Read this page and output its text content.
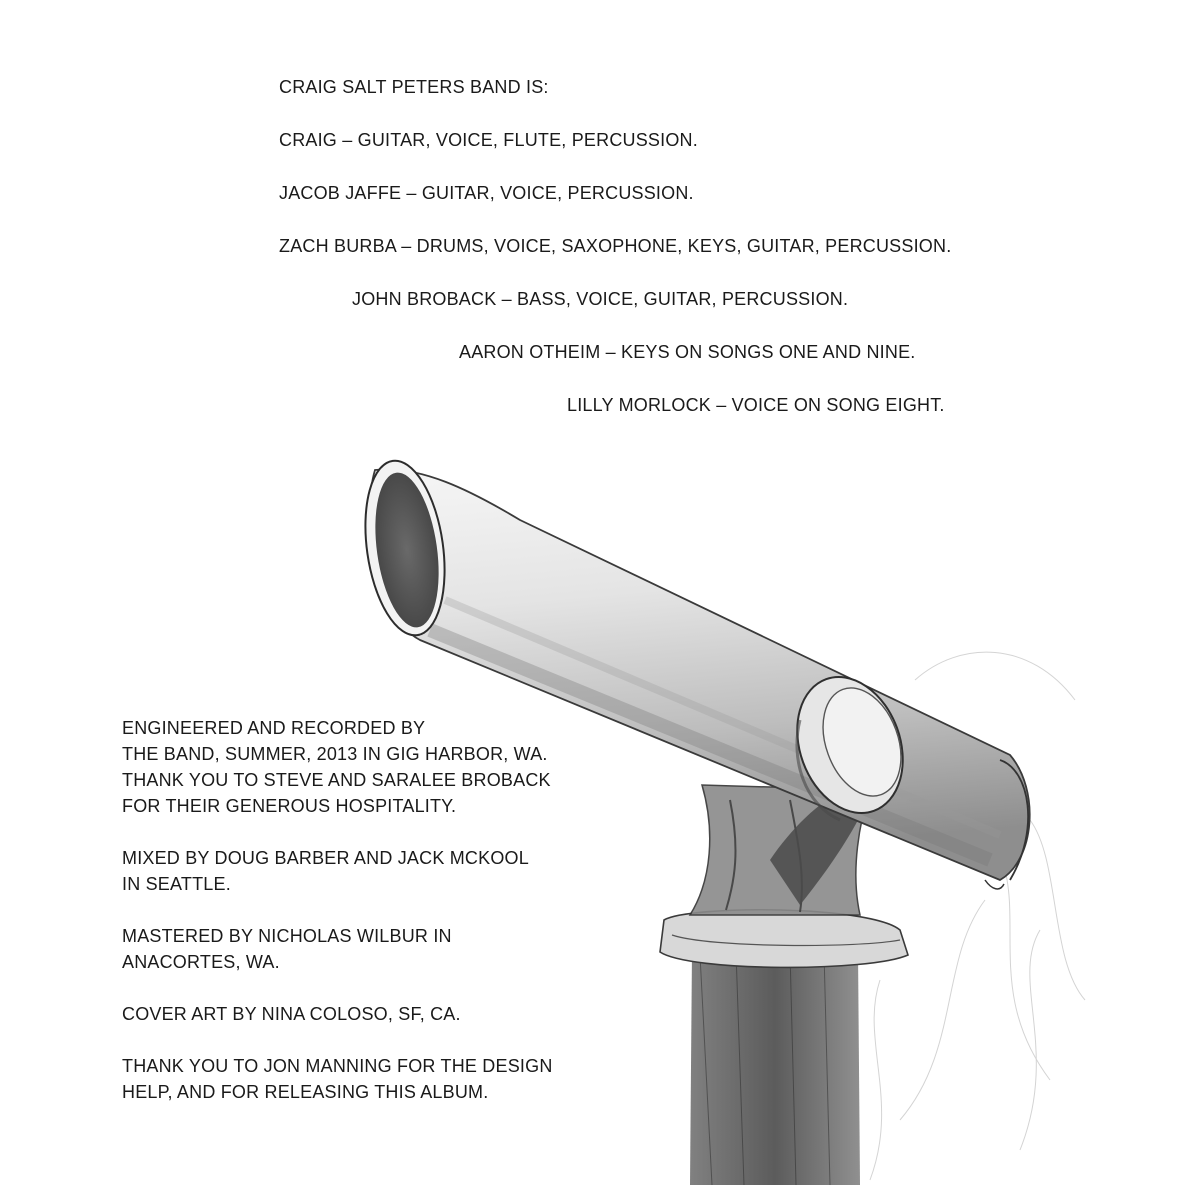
CRAIG SALT PETERS BAND IS:

CRAIG – GUITAR, VOICE, FLUTE, PERCUSSION.

JACOB JAFFE – GUITAR, VOICE, PERCUSSION.

ZACH BURBA – DRUMS, VOICE, SAXOPHONE, KEYS, GUITAR, PERCUSSION.

JOHN BROBACK – BASS, VOICE, GUITAR, PERCUSSION.

AARON OTHEIM – KEYS ON SONGS ONE AND NINE.

LILLY MORLOCK – VOICE ON SONG EIGHT.

ENGINEERED AND RECORDED BY
THE BAND, SUMMER, 2013 IN GIG HARBOR, WA.
THANK YOU TO STEVE AND SARALEE BROBACK
FOR THEIR GENEROUS HOSPITALITY.
MIXED BY DOUG BARBER AND JACK MCKOOL
IN SEATTLE.
MASTERED BY NICHOLAS WILBUR IN
ANACORTES, WA.
COVER ART BY NINA COLOSO, SF, CA.
THANK YOU TO JON MANNING FOR THE DESIGN
HELP, AND FOR RELEASING THIS ALBUM.
